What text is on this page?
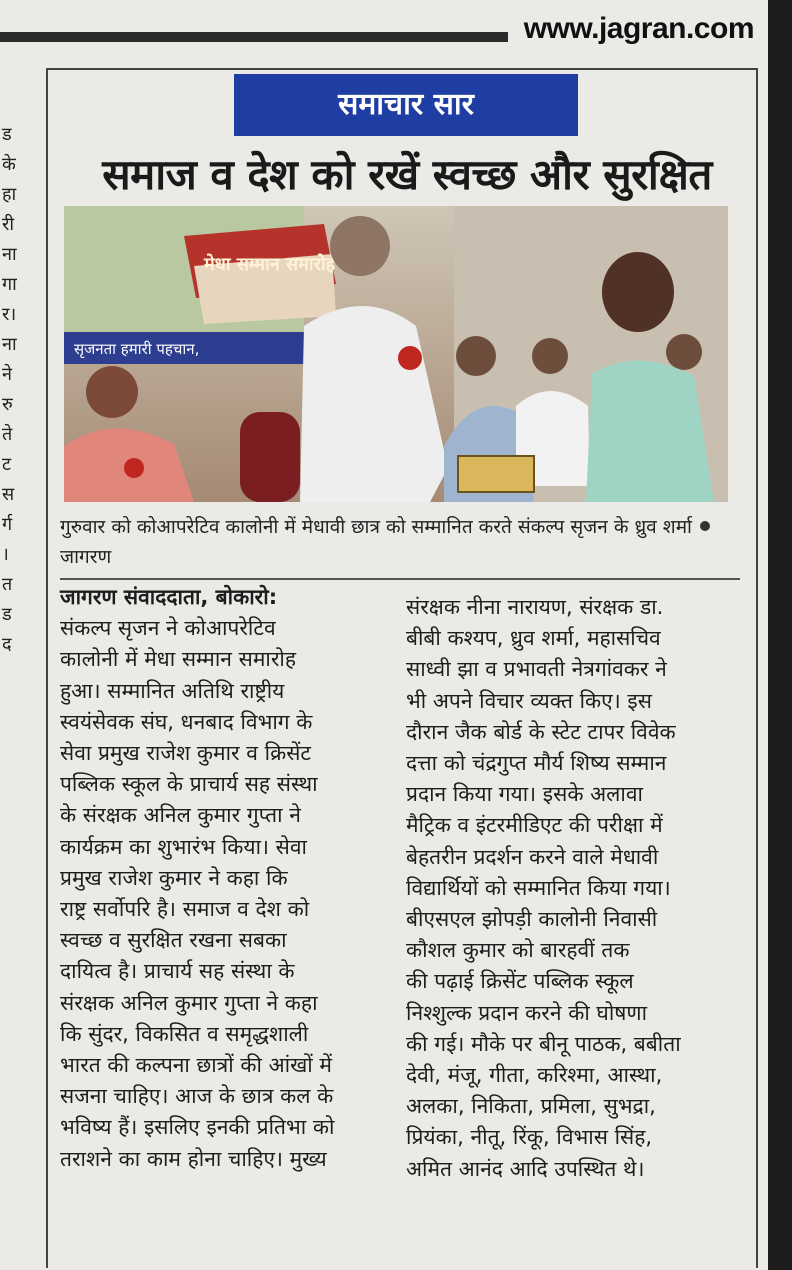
www.jagran.com
ड
के
हा
री
ना
गा
र।
ना
ने
रु
ते
ट
स
र्ग
।
त
ड
द
समाचार सार
समाज व देश को रखें स्वच्छ और सुरक्षित
मेधा सम्मान समारोह
सृजनता हमारी पहचान,
गुरुवार को कोआपरेटिव कालोनी में मेधावी छात्र को सम्मानित करते संकल्प सृजन के ध्रुव शर्माजागरण
जागरण संवाददाता, बोकारो:
संकल्प सृजन ने कोआपरेटिव
कालोनी में मेधा सम्मान समारोह
हुआ। सम्मानित अतिथि राष्ट्रीय
स्वयंसेवक संघ, धनबाद विभाग के
सेवा प्रमुख राजेश कुमार व क्रिसेंट
पब्लिक स्कूल के प्राचार्य सह संस्था
के संरक्षक अनिल कुमार गुप्ता ने
कार्यक्रम का शुभारंभ किया। सेवा
प्रमुख राजेश कुमार ने कहा कि
राष्ट्र सर्वोपरि है। समाज व देश को
स्वच्छ व सुरक्षित रखना सबका
दायित्व है। प्राचार्य सह संस्था के
संरक्षक अनिल कुमार गुप्ता ने कहा
कि सुंदर, विकसित व समृद्धशाली
भारत की कल्पना छात्रों की आंखों में
सजना चाहिए। आज के छात्र कल के
भविष्य हैं। इसलिए इनकी प्रतिभा को
तराशने का काम होना चाहिए। मुख्य
संरक्षक नीना नारायण, संरक्षक डा.
बीबी कश्यप, ध्रुव शर्मा, महासचिव
साध्वी झा व प्रभावती नेत्रगांवकर ने
भी अपने विचार व्यक्त किए। इस
दौरान जैक बोर्ड के स्टेट टापर विवेक
दत्ता को चंद्रगुप्त मौर्य शिष्य सम्मान
प्रदान किया गया। इसके अलावा
मैट्रिक व इंटरमीडिएट की परीक्षा में
बेहतरीन प्रदर्शन करने वाले मेधावी
विद्यार्थियों को सम्मानित किया गया।
बीएसएल झोपड़ी कालोनी निवासी
कौशल कुमार को बारहवीं तक
की पढ़ाई क्रिसेंट पब्लिक स्कूल
निश्शुल्क प्रदान करने की घोषणा
की गई। मौके पर बीनू पाठक, बबीता
देवी, मंजू, गीता, करिश्मा, आस्था,
अलका, निकिता, प्रमिला, सुभद्रा,
प्रियंका, नीतू, रिंकू, विभास सिंह,
अमित आनंद आदि उपस्थित थे।
